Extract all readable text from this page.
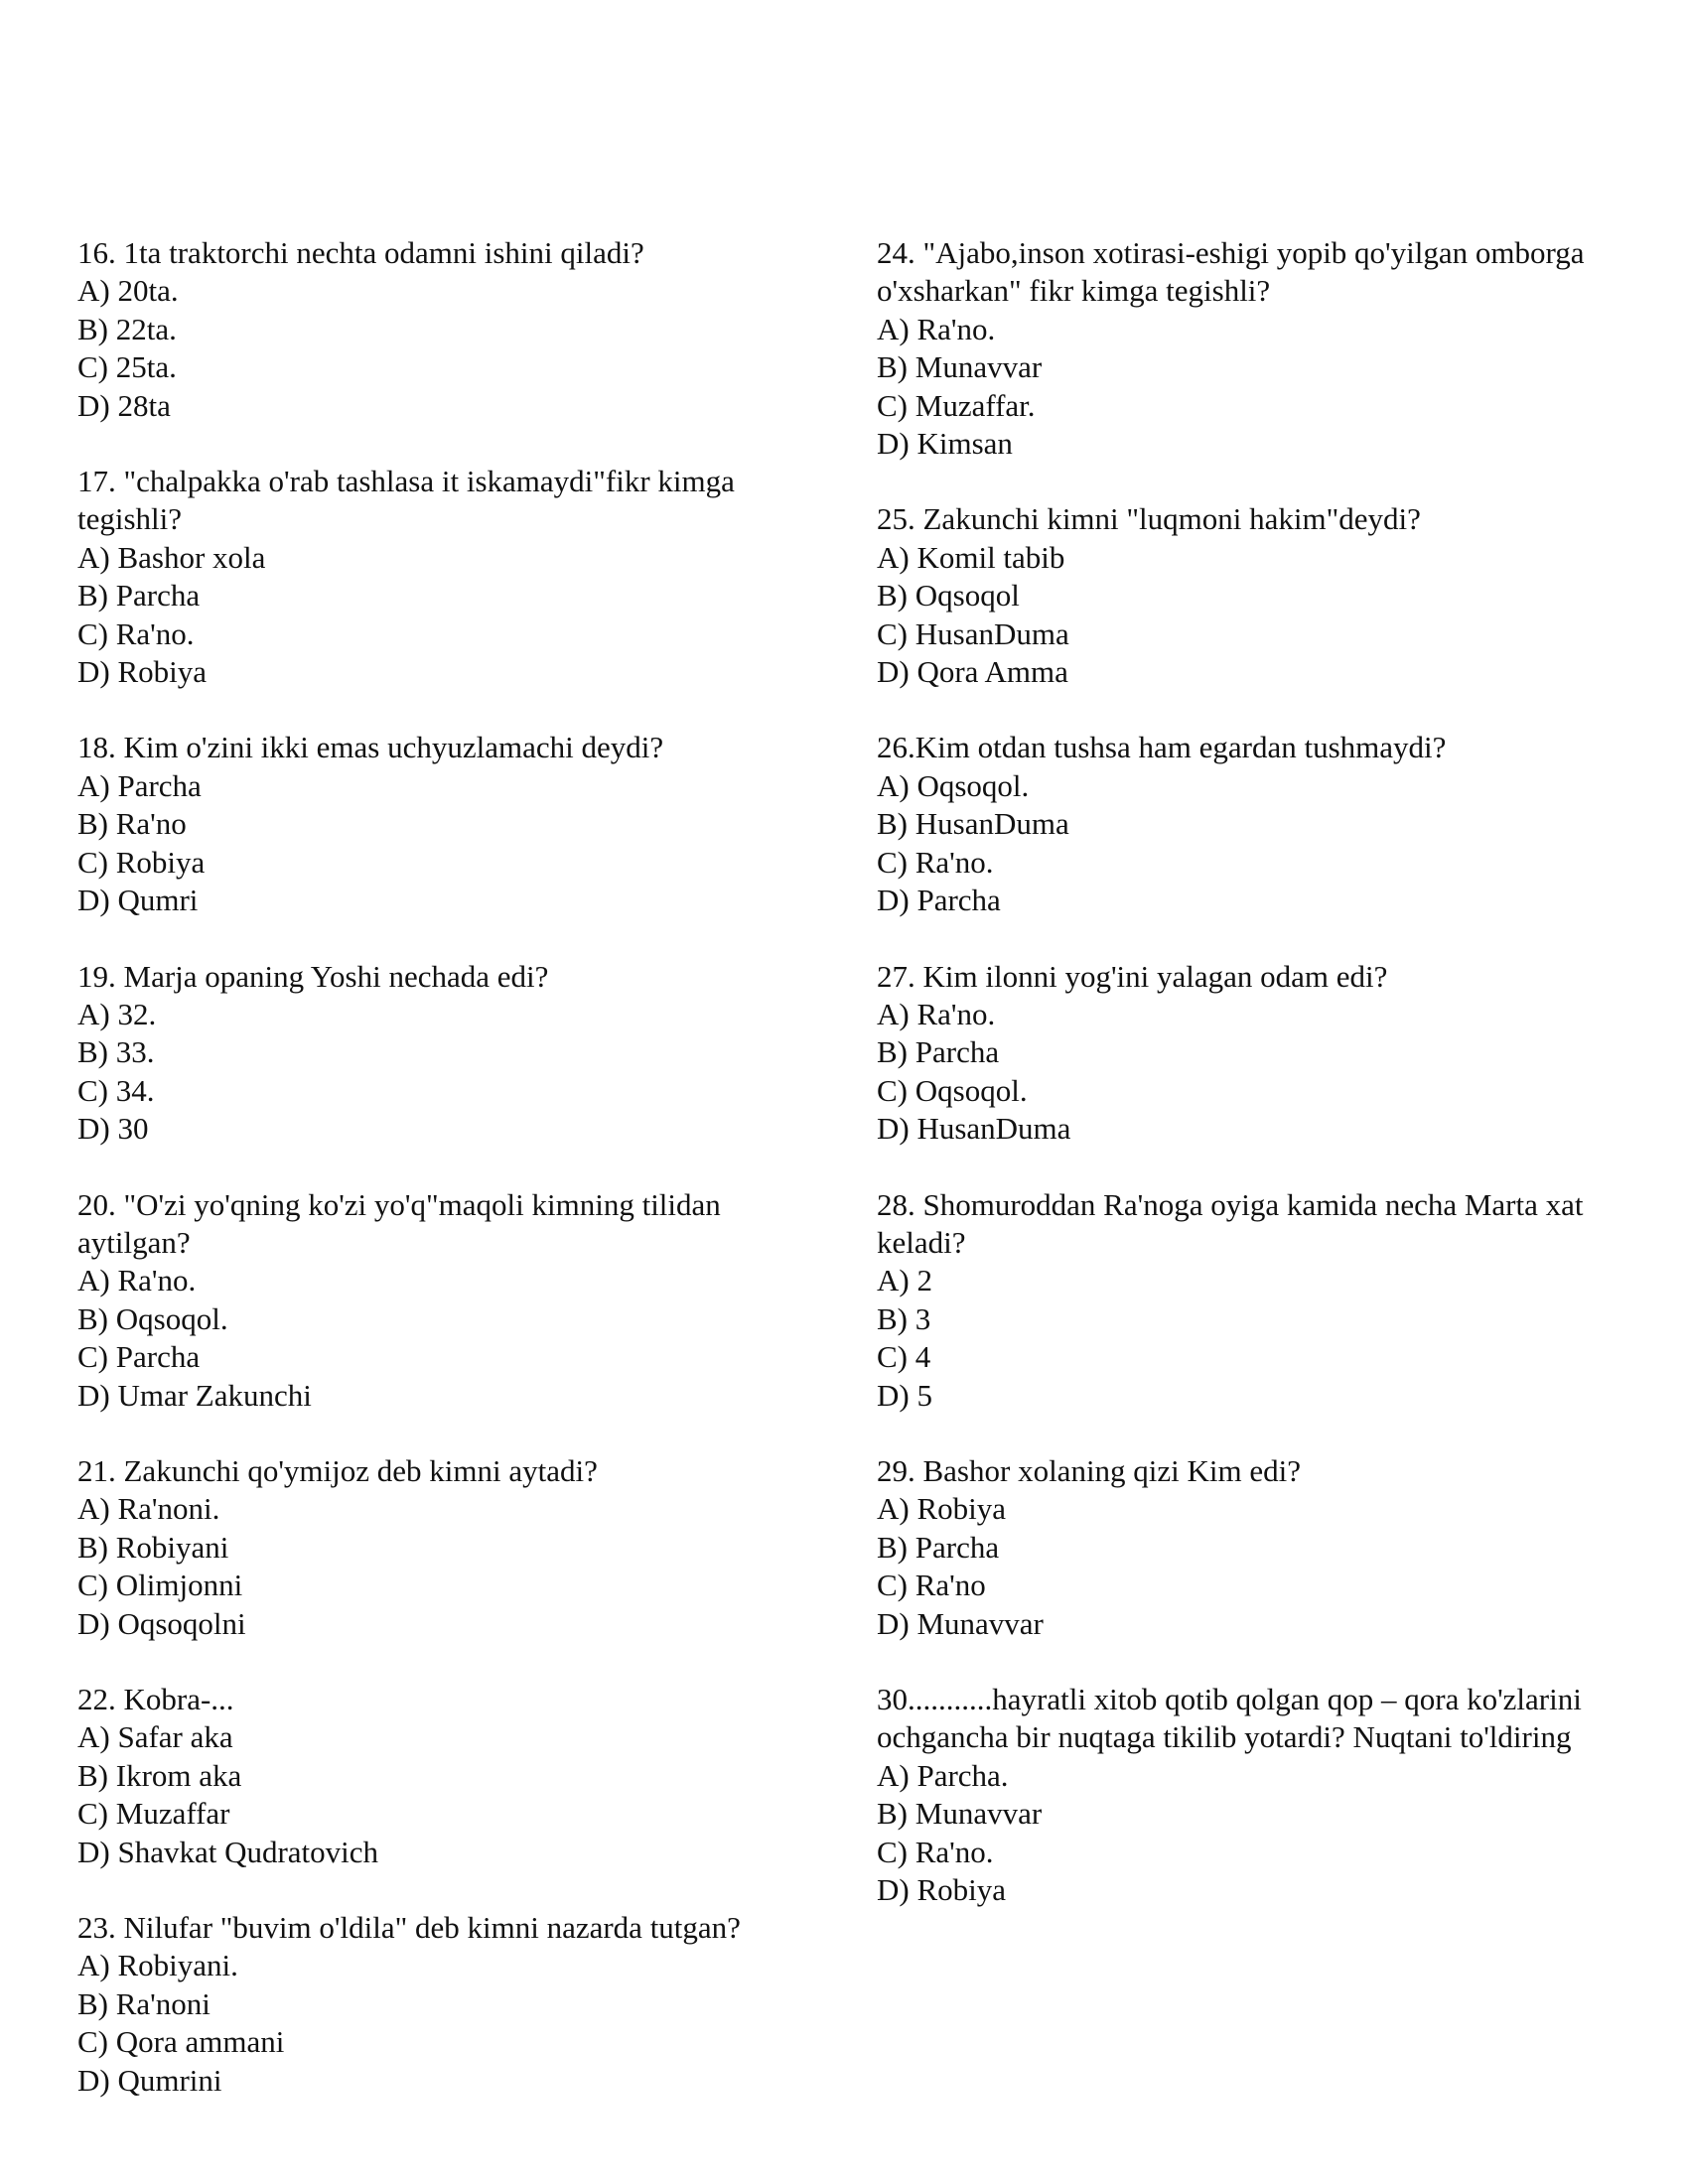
16. 1ta traktorchi nechta odamni ishini qiladi?
A) 20ta.
B) 22ta.
C) 25ta.
D) 28ta
17. "chalpakka o'rab tashlasa it iskamaydi"fikr kimga tegishli?
A) Bashor xola
B) Parcha
C) Ra'no.
D) Robiya
18. Kim o'zini ikki emas uchyuzlamachi deydi?
A) Parcha
B) Ra'no
C) Robiya
D) Qumri
19. Marja opaning Yoshi nechada edi?
A) 32.
B) 33.
C) 34.
D) 30
20. "O'zi yo'qning ko'zi yo'q"maqoli kimning tilidan aytilgan?
A) Ra'no.
B) Oqsoqol.
C) Parcha
D) Umar Zakunchi
21. Zakunchi qo'ymijoz deb kimni aytadi?
A) Ra'noni.
B) Robiyani
C) Olimjonni
D) Oqsoqolni
22. Kobra-...
A) Safar aka
B) Ikrom aka
C) Muzaffar
D) Shavkat Qudratovich
23. Nilufar "buvim o'ldila" deb kimni nazarda tutgan?
A) Robiyani.
B) Ra'noni
C) Qora ammani
D) Qumrini
24. "Ajabo,inson xotirasi-eshigi yopib qo'yilgan omborga o'xsharkan" fikr kimga tegishli?
A) Ra'no.
B) Munavvar
C) Muzaffar.
D) Kimsan
25. Zakunchi kimni "luqmoni hakim"deydi?
A) Komil tabib
B) Oqsoqol
C) HusanDuma
D) Qora Amma
26.Kim otdan tushsa ham egardan tushmaydi?
A) Oqsoqol.
B) HusanDuma
C) Ra'no.
D) Parcha
27. Kim ilonni yog'ini yalagan odam edi?
A) Ra'no.
B) Parcha
C) Oqsoqol.
D) HusanDuma
28. Shomuroddan Ra'noga oyiga kamida necha Marta xat keladi?
A) 2
B) 3
C) 4
D) 5
29. Bashor xolaning qizi Kim edi?
A) Robiya
B) Parcha
C) Ra'no
D) Munavvar
30...........hayratli xitob qotib qolgan qop – qora ko'zlarini ochgancha bir nuqtaga tikilib yotardi? Nuqtani to'ldiring
A) Parcha.
B) Munavvar
C) Ra'no.
D) Robiya
